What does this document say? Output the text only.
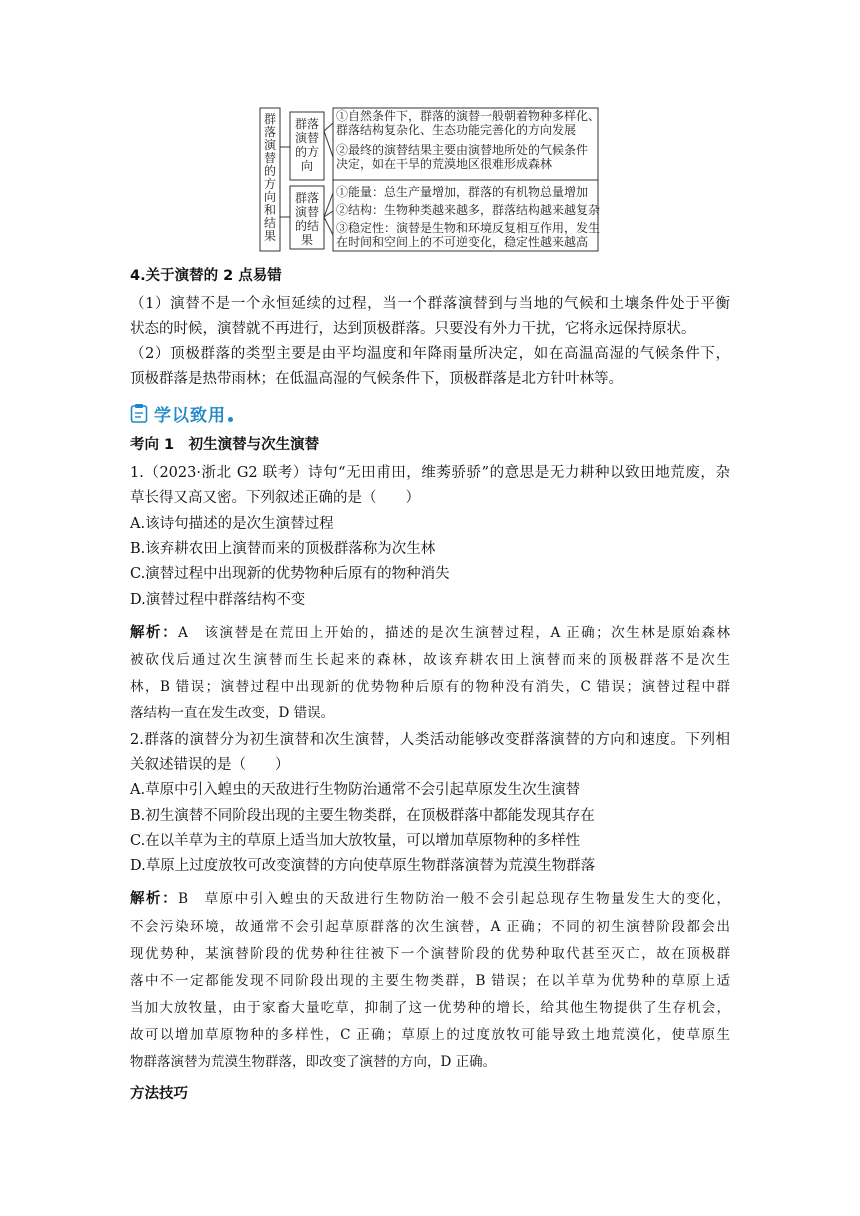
群落演替的方向和结果
群落演替的方向
群落演替的结果
①自然条件下，群落的演替一般朝着物种多样化、
群落结构复杂化、生态功能完善化的方向发展
②最终的演替结果主要由演替地所处的气候条件
决定，如在干旱的荒漠地区很难形成森林
①能量：总生产量增加，群落的有机物总量增加
②结构：生物种类越来越多，群落结构越来越复杂
③稳定性：演替是生物和环境反复相互作用，发生
在时间和空间上的不可逆变化，稳定性越来越高
4.关于演替的 2 点易错
（1）演替不是一个永恒延续的过程，当一个群落演替到与当地的气候和土壤条件处于平衡
状态的时候，演替就不再进行，达到顶极群落。只要没有外力干扰，它将永远保持原状。
（2）顶极群落的类型主要是由平均温度和年降雨量所决定，如在高温高湿的气候条件下，
顶极群落是热带雨林；在低温高湿的气候条件下，顶极群落是北方针叶林等。
学以致用
考向 1　初生演替与次生演替
1.（2023·浙北 G2 联考）诗句“无田甫田，维莠骄骄”的意思是无力耕种以致田地荒废，杂
草长得又高又密。下列叙述正确的是（　　）
A.该诗句描述的是次生演替过程
B.该弃耕农田上演替而来的顶极群落称为次生林
C.演替过程中出现新的优势物种后原有的物种消失
D.演替过程中群落结构不变
解析：A　该演替是在荒田上开始的，描述的是次生演替过程，A 正确；次生林是原始森林
被砍伐后通过次生演替而生长起来的森林，故该弃耕农田上演替而来的顶极群落不是次生
林，B 错误；演替过程中出现新的优势物种后原有的物种没有消失，C 错误；演替过程中群
落结构一直在发生改变，D 错误。
2.群落的演替分为初生演替和次生演替，人类活动能够改变群落演替的方向和速度。下列相
关叙述错误的是（　　）
A.草原中引入蝗虫的天敌进行生物防治通常不会引起草原发生次生演替
B.初生演替不同阶段出现的主要生物类群，在顶极群落中都能发现其存在
C.在以羊草为主的草原上适当加大放牧量，可以增加草原物种的多样性
D.草原上过度放牧可改变演替的方向使草原生物群落演替为荒漠生物群落
解析：B　草原中引入蝗虫的天敌进行生物防治一般不会引起总现存生物量发生大的变化，
不会污染环境，故通常不会引起草原群落的次生演替，A 正确；不同的初生演替阶段都会出
现优势种，某演替阶段的优势种往往被下一个演替阶段的优势种取代甚至灭亡，故在顶极群
落中不一定都能发现不同阶段出现的主要生物类群，B 错误；在以羊草为优势种的草原上适
当加大放牧量，由于家畜大量吃草，抑制了这一优势种的增长，给其他生物提供了生存机会，
故可以增加草原物种的多样性，C 正确；草原上的过度放牧可能导致土地荒漠化，使草原生
物群落演替为荒漠生物群落，即改变了演替的方向，D 正确。
方法技巧
